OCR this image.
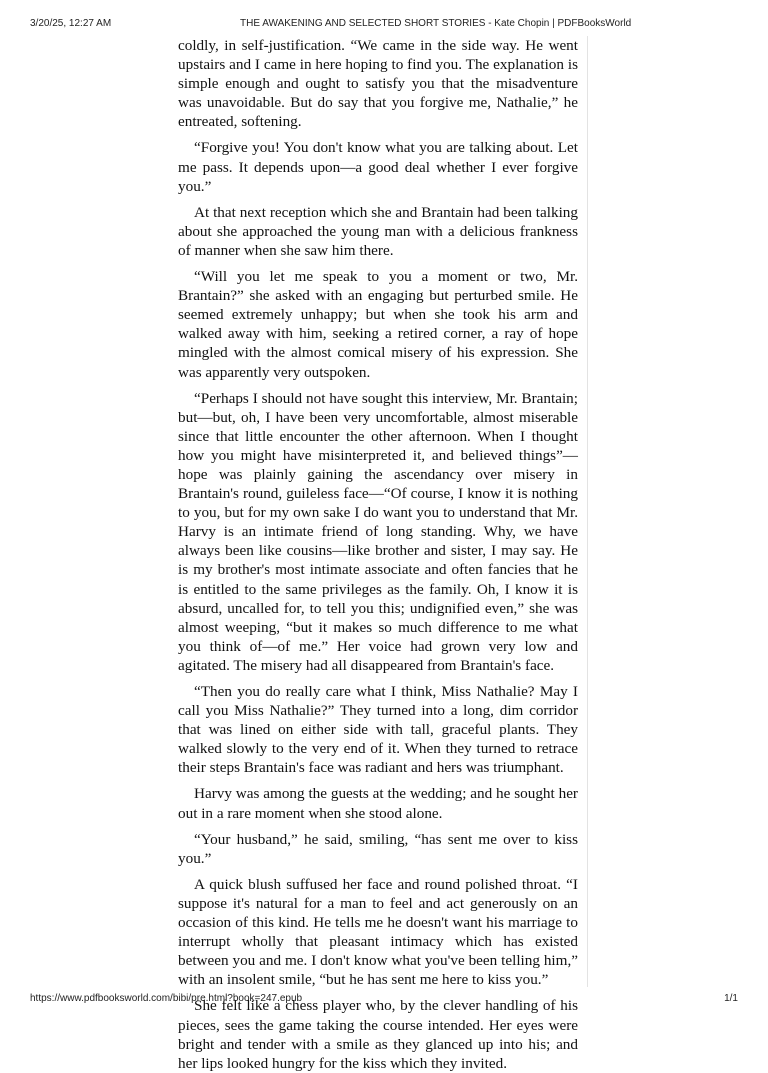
3/20/25, 12:27 AM	THE AWAKENING AND SELECTED SHORT STORIES - Kate Chopin | PDFBooksWorld

coldly, in self-justification. “We came in the side way. He went upstairs and I came in here hoping to find you. The explanation is simple enough and ought to satisfy you that the misadventure was unavoidable. But do say that you forgive me, Nathalie,” he entreated, softening.

“Forgive you! You don't know what you are talking about. Let me pass. It depends upon—a good deal whether I ever forgive you.”

At that next reception which she and Brantain had been talking about she approached the young man with a delicious frankness of manner when she saw him there.

“Will you let me speak to you a moment or two, Mr. Brantain?” she asked with an engaging but perturbed smile. He seemed extremely unhappy; but when she took his arm and walked away with him, seeking a retired corner, a ray of hope mingled with the almost comical misery of his expression. She was apparently very outspoken.

“Perhaps I should not have sought this interview, Mr. Brantain; but—but, oh, I have been very uncomfortable, almost miserable since that little encounter the other afternoon. When I thought how you might have misinterpreted it, and believed things”—hope was plainly gaining the ascendancy over misery in Brantain's round, guileless face—“Of course, I know it is nothing to you, but for my own sake I do want you to understand that Mr. Harvy is an intimate friend of long standing. Why, we have always been like cousins—like brother and sister, I may say. He is my brother's most intimate associate and often fancies that he is entitled to the same privileges as the family. Oh, I know it is absurd, uncalled for, to tell you this; undignified even,” she was almost weeping, “but it makes so much difference to me what you think of—of me.” Her voice had grown very low and agitated. The misery had all disappeared from Brantain's face.

“Then you do really care what I think, Miss Nathalie? May I call you Miss Nathalie?” They turned into a long, dim corridor that was lined on either side with tall, graceful plants. They walked slowly to the very end of it. When they turned to retrace their steps Brantain's face was radiant and hers was triumphant.

Harvy was among the guests at the wedding; and he sought her out in a rare moment when she stood alone.

“Your husband,” he said, smiling, “has sent me over to kiss you.”

A quick blush suffused her face and round polished throat. “I suppose it's natural for a man to feel and act generously on an occasion of this kind. He tells me he doesn't want his marriage to interrupt wholly that pleasant intimacy which has existed between you and me. I don't know what you've been telling him,” with an insolent smile, “but he has sent me here to kiss you.”

She felt like a chess player who, by the clever handling of his pieces, sees the game taking the course intended. Her eyes were bright and tender with a smile as they glanced up into his; and her lips looked hungry for the kiss which they invited.

https://www.pdfbooksworld.com/bibi/pre.html?book=247.epub	1/1
